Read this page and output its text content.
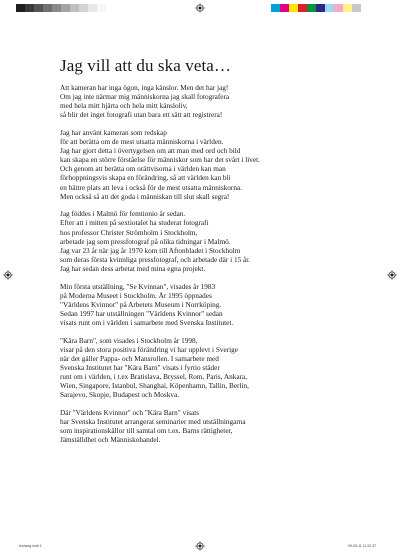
Jag vill att du ska veta…

Att kameran har inga ögon, inga känslor. Men det har jag!
Om jag inte närmar mig människorna jag skall fotografera
med hela mitt hjärta och hela mitt känsloliv,
så blir det inget fotografi utan bara ett sätt att registrera!

Jag har använt kameran som redskap
för att berätta om de mest utsatta människorna i världen.
Jag har gjort detta i övertygelsen om att man med ord och bild
kan skapa en större förståelse för människor som har det svårt i livet.
Och genom att berätta om orättvisorna i världen kan man
förhoppningsvis skapa en förändring, så att världen kan bli
en bättre plats att leva i också för de mest utsatta människorna.
Men också så att det goda i människan till slut skall segra!

Jag föddes i Malmö för femtionio år sedan.
Efter att i mitten på sextiotalet ha studerat fotografi
hos professor Christer Strömholm i Stockholm,
arbetade jag som pressfotograf på olika tidningar i Malmö.
Jag var 23 år när jag år 1970 kom till Aftonbladet i Stockholm
som deras första kvinnliga pressfotograf, och arbetade där i 15 år.
Jag har sedan dess arbetat med mina egna projekt.

Min första utställning, "Se Kvinnan", visades år 1983
på Moderna Museet i Stockholm. År 1995 öppnades
"Världens Kvinnor" på Arbetets Museum i Norrköping.
Sedan 1997 har utställningen "Världens Kvinnor" sedan
visats runt om i världen i samarbete med Svenska Institutet.

"Kära Barn", som visades i Stockholm år 1998,
visar på den stora positiva förändring vi har upplevt i Sverige
när det gäller Pappa- och Mansrollen. I samarbete med
Svenska Institutet har "Kära Barn" visats i fyrtio städer
runt om i världen, i t.ex Bratislava, Bryssel, Rom, Paris, Ankara,
Wien, Singapore, Istanbul, Shanghai, Köpenhamn, Tallin, Berlin,
Sarajevo, Skopje, Budapest och Moskva.

Där "Världens Kvinnor" och "Kära Barn" visats
har Svenska Institutet arrangerat seminarier med utställningarna
som inspirationskällor till samtal om t.ex. Barns rättigheter,
Jämställdhet och Människohandel.

lerviaeg.indd 1	09-05-11 11.02.37
